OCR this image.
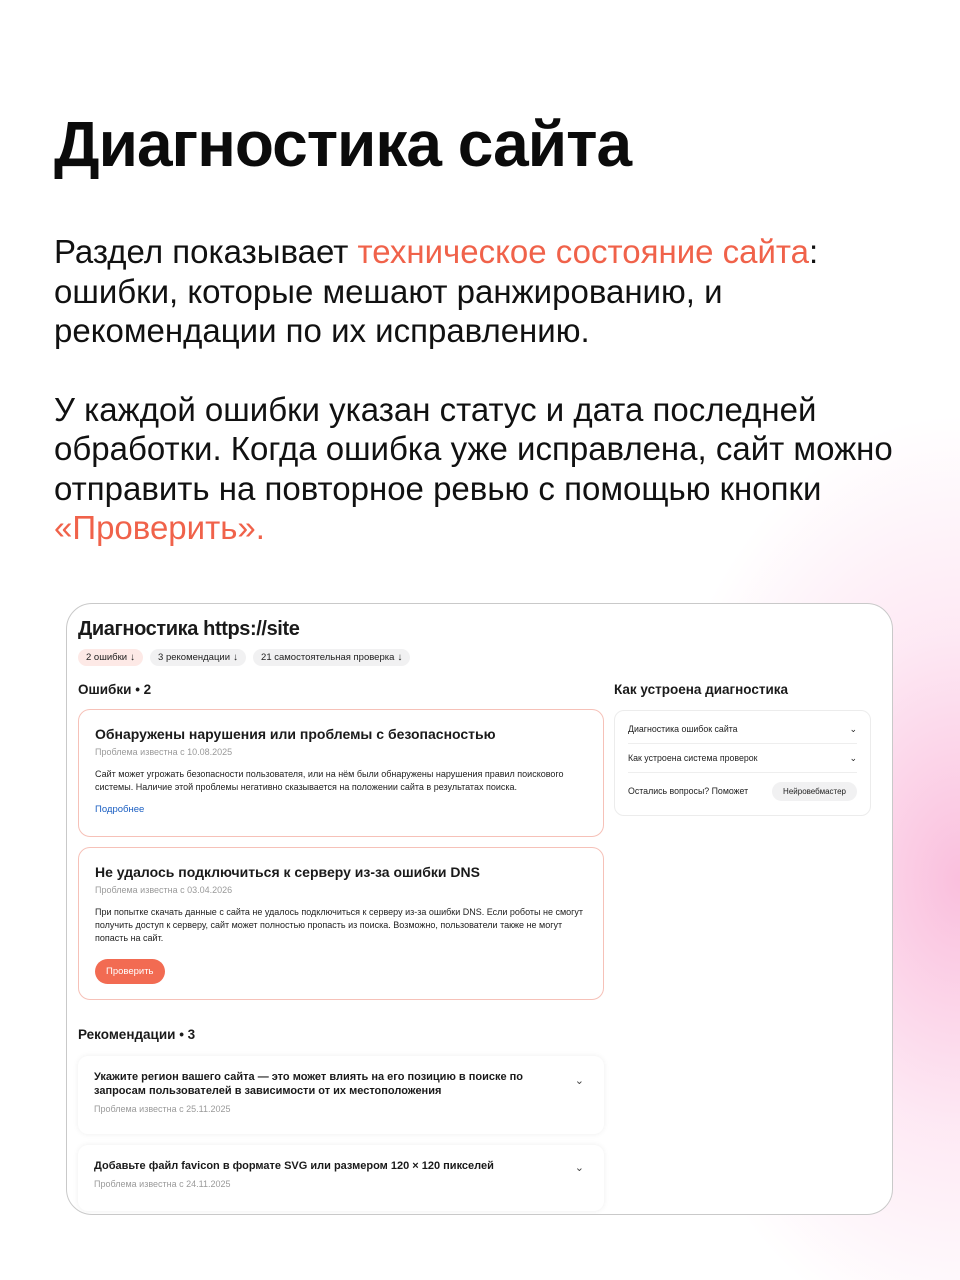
Диагностика сайта

Раздел показывает техническое состояние сайта: ошибки, которые мешают ранжированию, и рекомендации по их исправлению.

У каждой ошибки указан статус и дата последней обработки. Когда ошибка уже исправлена, сайт можно отправить на повторное ревью с помощью кнопки «Проверить».

Диагностика https://site
2 ошибки ↓	3 рекомендации ↓	21 самостоятельная проверка ↓
Ошибки • 2
Обнаружены нарушения или проблемы с безопасностью
Проблема известна с 10.08.2025
Сайт может угрожать безопасности пользователя, или на нём были обнаружены нарушения правил поискового системы. Наличие этой проблемы негативно сказывается на положении сайта в результатах поиска.
Подробнее
Не удалось подключиться к серверу из-за ошибки DNS
Проблема известна с 03.04.2026
При попытке скачать данные с сайта не удалось подключиться к серверу из-за ошибки DNS. Если роботы не смогут получить доступ к серверу, сайт может полностью пропасть из поиска. Возможно, пользователи также не могут попасть на сайт.
Проверить
Рекомендации • 3
Укажите регион вашего сайта — это может влиять на его позицию в поиске по запросам пользователей в зависимости от их местоположения
Проблема известна с 25.11.2025
⌄
Добавьте файл favicon в формате SVG или размером 120 × 120 пикселей
Проблема известна с 24.11.2025
⌄
Как устроена диагностика
Диагностика ошибок сайта	⌄
Как устроена система проверок	⌄
Остались вопросы? Поможет	Нейровебмастер
